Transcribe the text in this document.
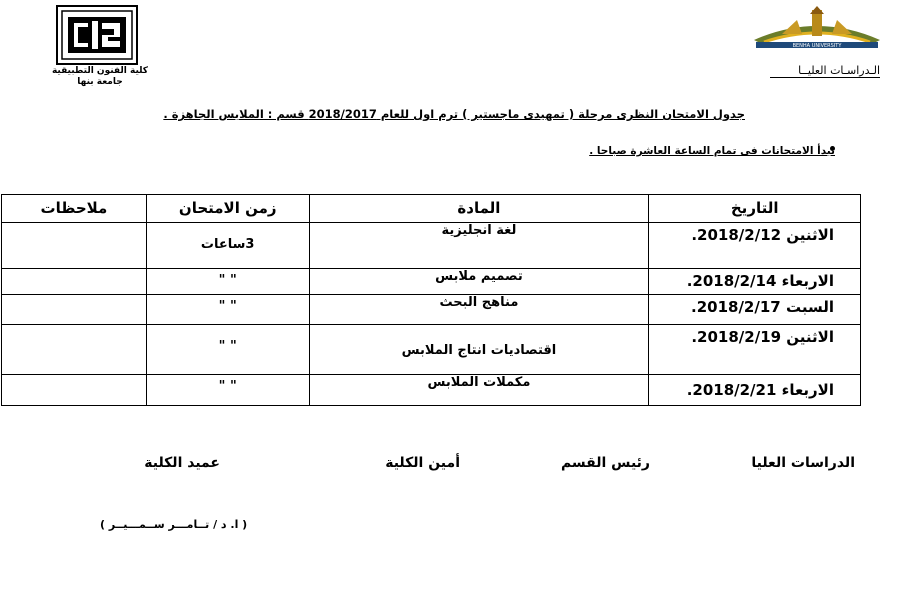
كلية الفنون التطبيقية
جامعة بنها
BENHA UNIVERSITY
الـدراسـات العليــا
جدول الامتحان النظرى مرحلة ( تمهيدى ماجستير ) ترم اول للعام 2018/2017 قسم : الملابس الجاهزة .
تبدأ الامتحانات فى تمام الساعة العاشرة صباحا .
ملاحظات	زمن الامتحان	المادة	التاريخ

	3ساعات	لغة انجليزية	الاثنين 2018/2/12.
	" "	تصميم ملابس	الاربعاء 2018/2/14.
	" "	مناهج البحث	السبت 2018/2/17.
	" "	اقتصاديات انتاج الملابس	الاثنين 2018/2/19.
	" "	مكملات الملابس	الاربعاء 2018/2/21.
الدراسات العليا
رئيس القسم
أمين الكلية
عميد الكلية
( ا. د / تــامـــر ســمـــيــر )
